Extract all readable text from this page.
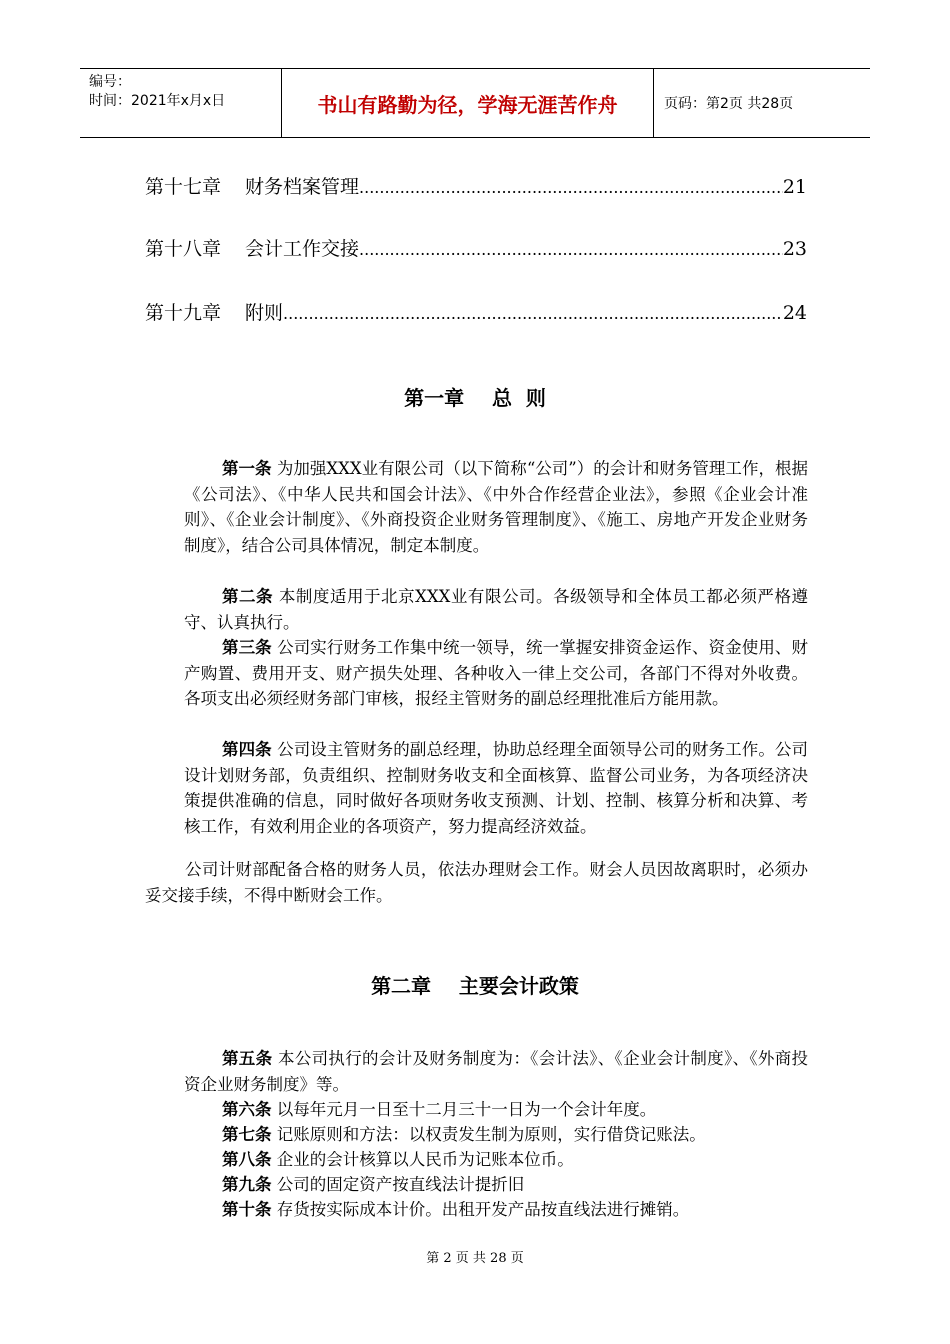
编号：
时间：2021年x月x日	书山有路勤为径，学海无涯苦作舟	页码：第2页 共28页
第十七章 财务档案管理 .....	21
第十八章 会计工作交接 .....	23
第十九章 附则 .....	24
第一章    总  则

第一条 为加强XXX业有限公司（以下简称“公司”）的会计和财务管理工作，根据《公司法》、《中华人民共和国会计法》、《中外合作经营企业法》，参照《企业会计准则》、《企业会计制度》、《外商投资企业财务管理制度》、《施工、房地产开发企业财务制度》，结合公司具体情况，制定本制度。

第二条 本制度适用于北京XXX业有限公司。各级领导和全体员工都必须严格遵守、认真执行。

第三条 公司实行财务工作集中统一领导，统一掌握安排资金运作、资金使用、财产购置、费用开支、财产损失处理、各种收入一律上交公司，各部门不得对外收费。各项支出必须经财务部门审核，报经主管财务的副总经理批准后方能用款。

第四条 公司设主管财务的副总经理，协助总经理全面领导公司的财务工作。公司设计划财务部，负责组织、控制财务收支和全面核算、监督公司业务，为各项经济决策提供准确的信息，同时做好各项财务收支预测、计划、控制、核算分析和决算、考核工作，有效利用企业的各项资产，努力提高经济效益。

公司计财部配备合格的财务人员，依法办理财会工作。财会人员因故离职时，必须办妥交接手续，不得中断财会工作。

第二章    主要会计政策

第五条 本公司执行的会计及财务制度为：《会计法》、《企业会计制度》、《外商投资企业财务制度》等。

第六条 以每年元月一日至十二月三十一日为一个会计年度。

第七条 记账原则和方法：以权责发生制为原则，实行借贷记账法。

第八条 企业的会计核算以人民币为记账本位币。

第九条 公司的固定资产按直线法计提折旧

第十条 存货按实际成本计价。出租开发产品按直线法进行摊销。

第 2 页 共 28 页
